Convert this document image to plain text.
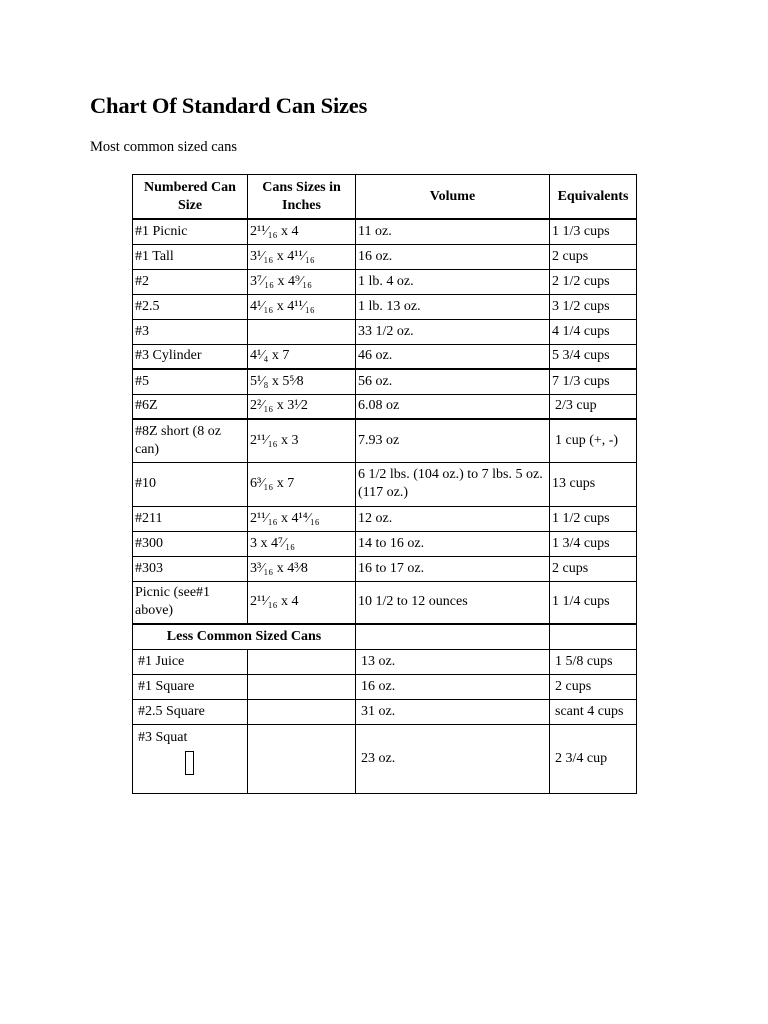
Chart Of Standard Can Sizes

Most common sized cans

Numbered Can Size	Cans Sizes in Inches	Volume	Equivalents
#1 Picnic	2¹¹⁄₁₆ x 4	11 oz.	1 1/3 cups
#1 Tall	3¹⁄₁₆ x 4¹¹⁄₁₆	16 oz.	2 cups
#2	3⁷⁄₁₆ x 4⁹⁄₁₆	1 lb. 4 oz.	2 1/2 cups
#2.5	4¹⁄₁₆ x 4¹¹⁄₁₆	1 lb. 13 oz.	3 1/2 cups
#3		33 1/2 oz.	4 1/4 cups
#3 Cylinder	4¹⁄₄ x 7	46 oz.	5 3/4 cups
#5	5¹⁄₈ x 5⁵⁄8	56 oz.	7 1/3 cups
#6Z	2²⁄₁₆ x 3¹⁄2	6.08 oz	2/3 cup
#8Z short (8 oz can)	2¹¹⁄₁₆ x 3	7.93 oz	1 cup (+, -)
#10	6³⁄₁₆ x 7	6 1/2 lbs. (104 oz.) to 7 lbs. 5 oz. (117 oz.)	13 cups
#211	2¹¹⁄₁₆ x 4¹⁴⁄₁₆	12 oz.	1 1/2 cups
#300	3 x 4⁷⁄₁₆	14 to 16 oz.	1 3/4 cups
#303	3³⁄₁₆ x 4³⁄8	16 to 17 oz.	2 cups
Picnic (see#1 above)	2¹¹⁄₁₆ x 4	10 1/2 to 12 ounces	1 1/4 cups
Less Common Sized Cans			
#1 Juice		13 oz.	1 5/8 cups
#1 Square		16 oz.	2 cups
#2.5 Square		31 oz.	scant 4 cups
#3 Squat		23 oz.	2 3/4 cup
